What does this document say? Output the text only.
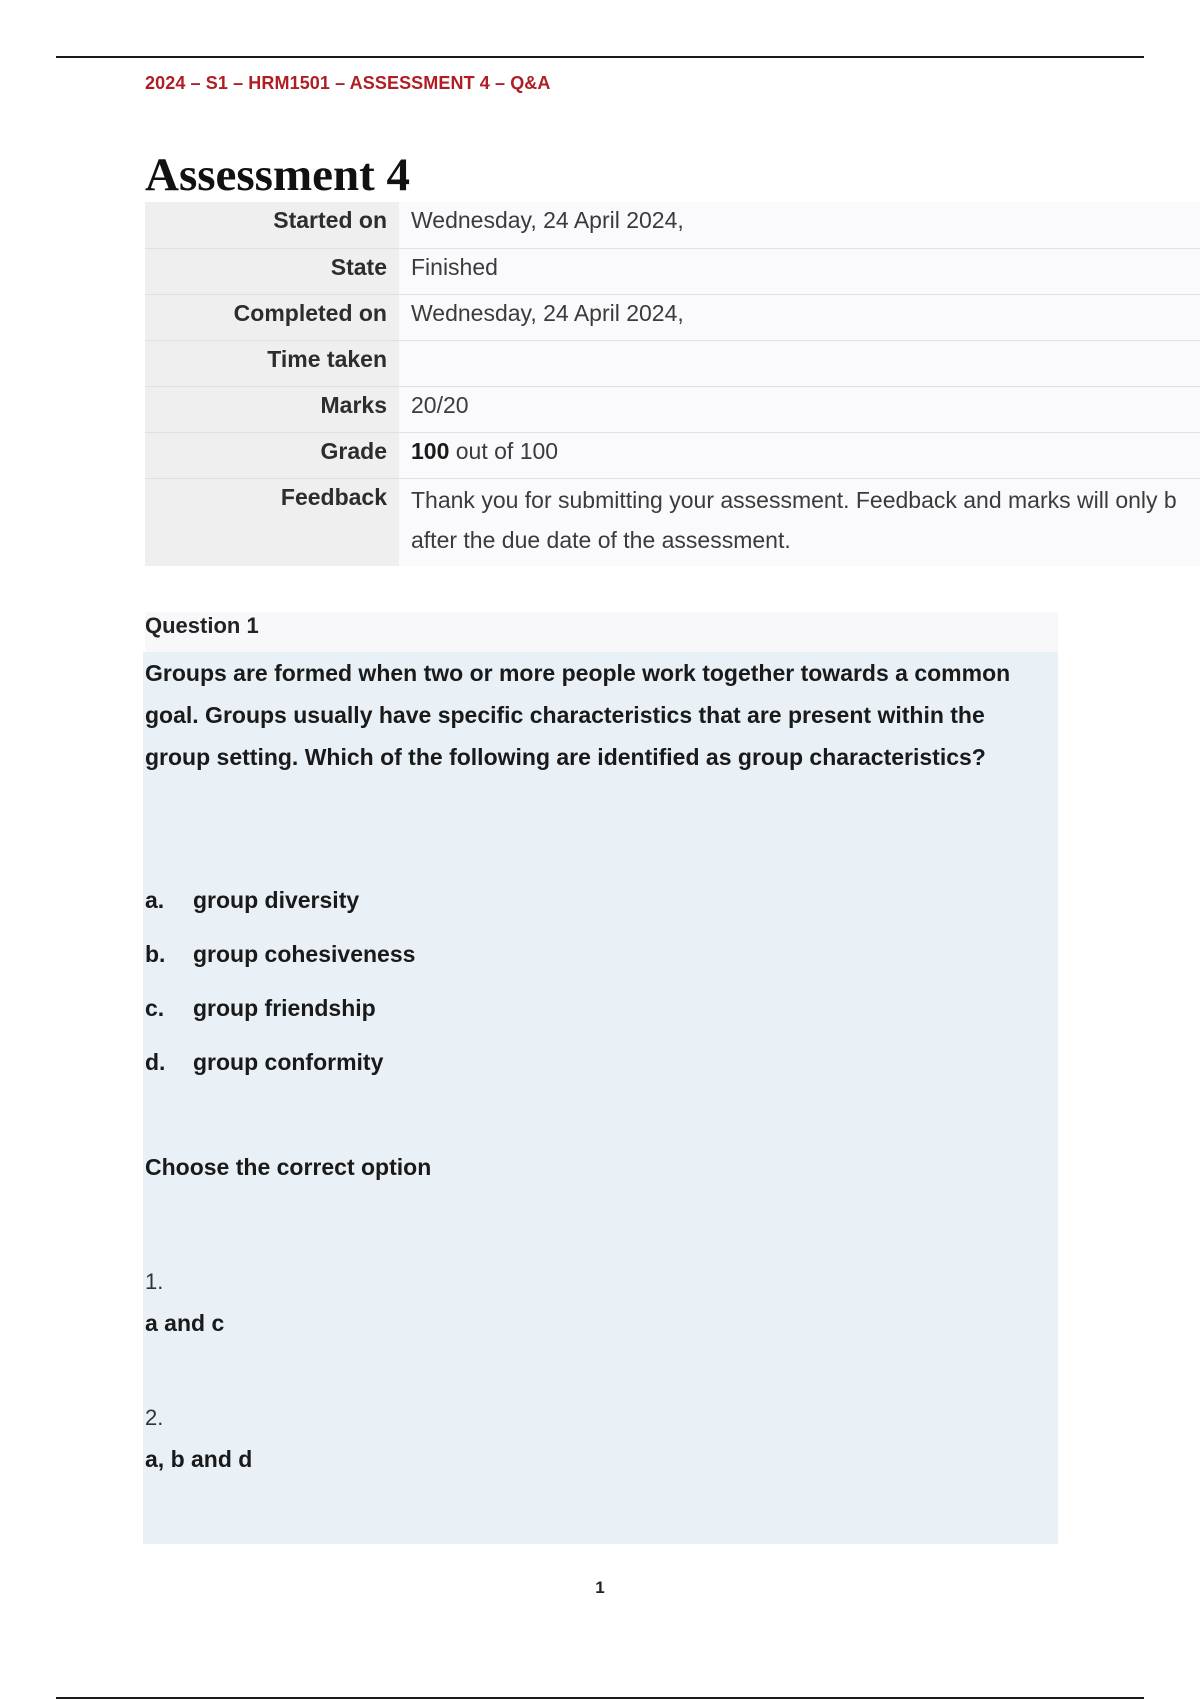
2024 – S1 – HRM1501 – ASSESSMENT 4 – Q&A
Assessment 4
Started on	Wednesday, 24 April 2024,
State	Finished
Completed on	Wednesday, 24 April 2024,
Time taken	
Marks	20/20
Grade	100 out of 100
Feedback	Thank you for submitting your assessment. Feedback and marks will only b
after the due date of the assessment.
Question 1

Groups are formed when two or more people work together towards a common goal. Groups usually have specific characteristics that are present within the group setting. Which of the following are identified as group characteristics?

a. group diversity
b. group cohesiveness
c. group friendship
d. group conformity
Choose the correct option
1.
a and c
2.
a, b and d
1
